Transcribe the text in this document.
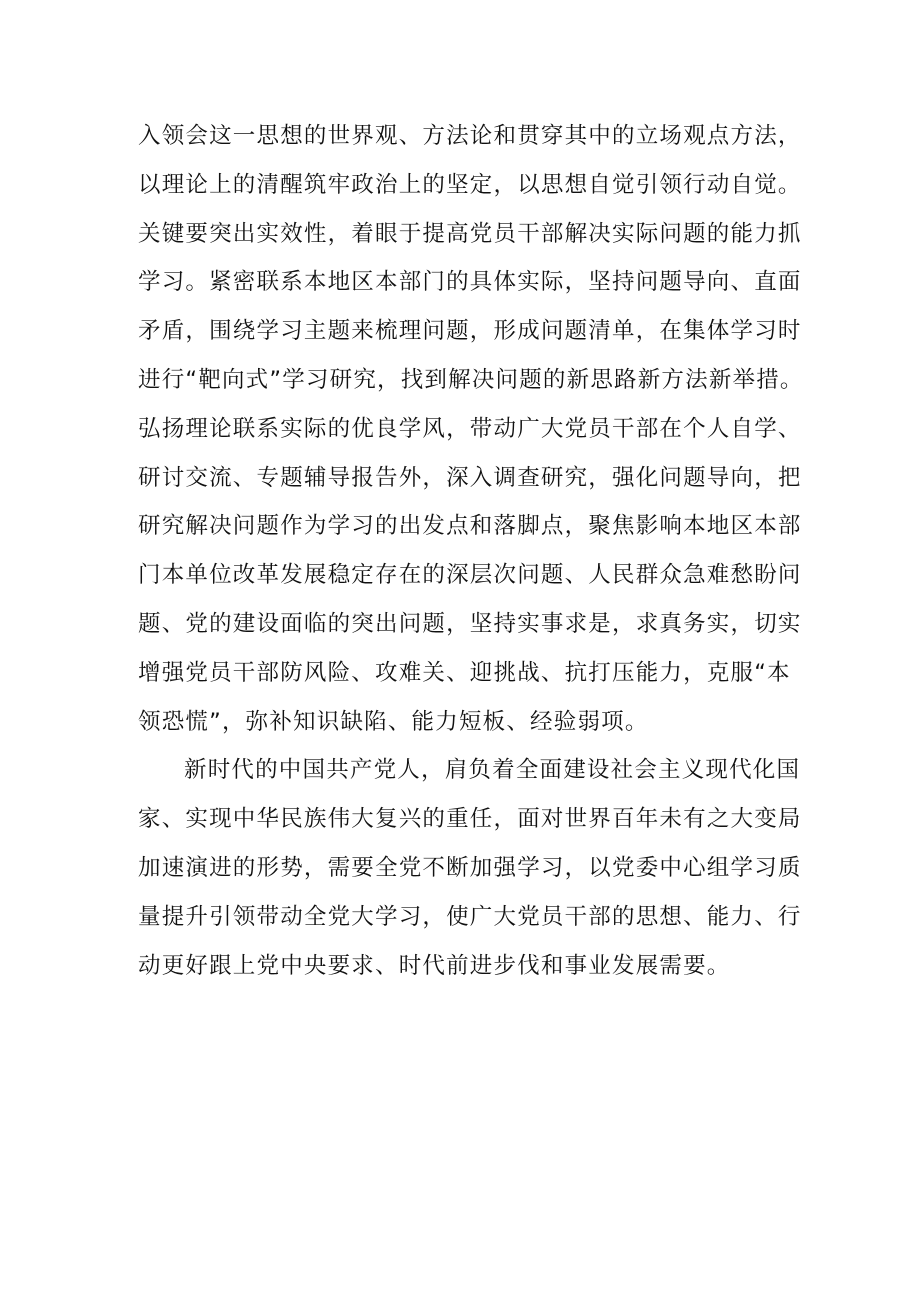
入领会这一思想的世界观、方法论和贯穿其中的立场观点方法，
以理论上的清醒筑牢政治上的坚定，以思想自觉引领行动自觉。
关键要突出实效性，着眼于提高党员干部解决实际问题的能力抓
学习。紧密联系本地区本部门的具体实际，坚持问题导向、直面
矛盾，围绕学习主题来梳理问题，形成问题清单，在集体学习时
进行“靶向式”学习研究，找到解决问题的新思路新方法新举措。
弘扬理论联系实际的优良学风，带动广大党员干部在个人自学、
研讨交流、专题辅导报告外，深入调查研究，强化问题导向，把
研究解决问题作为学习的出发点和落脚点，聚焦影响本地区本部
门本单位改革发展稳定存在的深层次问题、人民群众急难愁盼问
题、党的建设面临的突出问题，坚持实事求是，求真务实，切实
增强党员干部防风险、攻难关、迎挑战、抗打压能力，克服“本
领恐慌”，弥补知识缺陷、能力短板、经验弱项。
新时代的中国共产党人，肩负着全面建设社会主义现代化国
家、实现中华民族伟大复兴的重任，面对世界百年未有之大变局
加速演进的形势，需要全党不断加强学习，以党委中心组学习质
量提升引领带动全党大学习，使广大党员干部的思想、能力、行
动更好跟上党中央要求、时代前进步伐和事业发展需要。
